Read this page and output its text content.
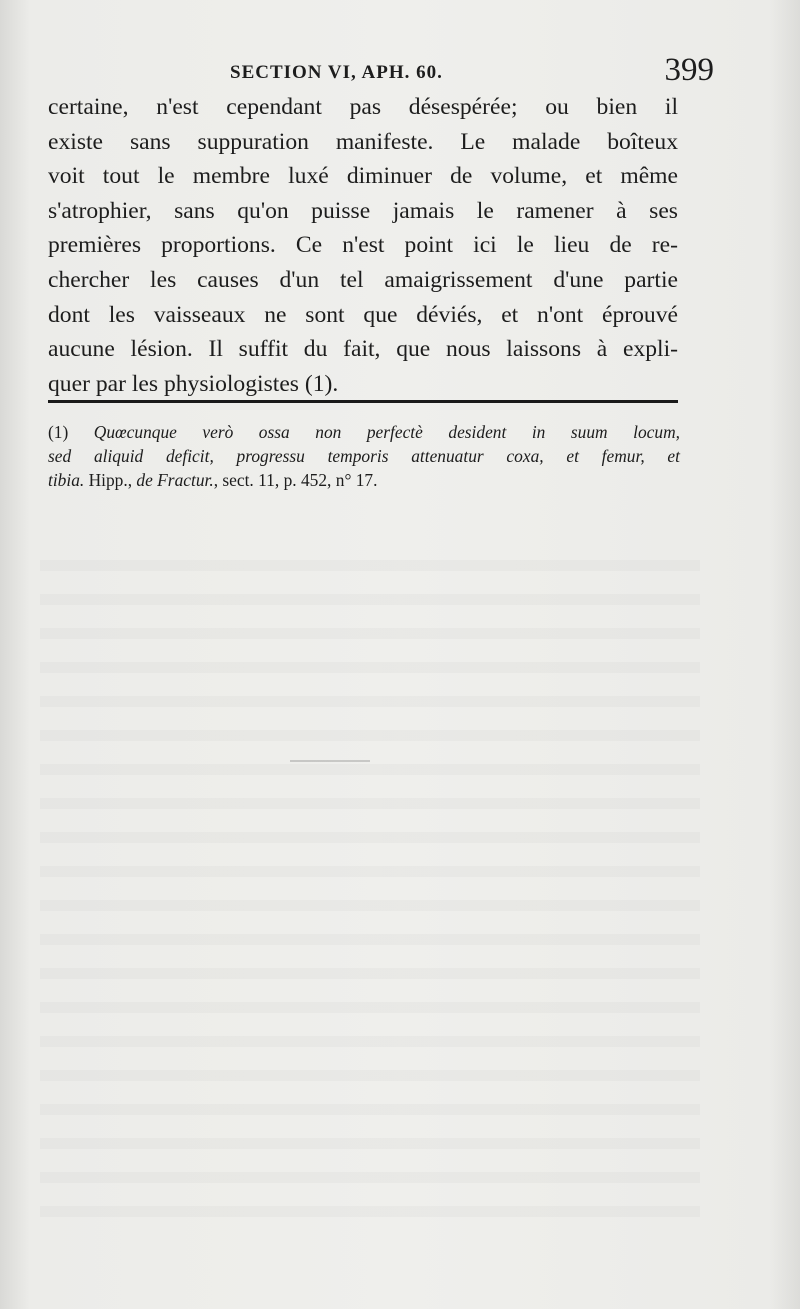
SECTION VI, APH. 60.	399
certaine, n'est cependant pas désespérée; ou bien il
existe sans suppuration manifeste. Le malade boîteux
voit tout le membre luxé diminuer de volume, et même
s'atrophier, sans qu'on puisse jamais le ramener à ses
premières proportions. Ce n'est point ici le lieu de re-
chercher les causes d'un tel amaigrissement d'une partie
dont les vaisseaux ne sont que déviés, et n'ont éprouvé
aucune lésion. Il suffit du fait, que nous laissons à expli-
quer par les physiologistes (1).
(1) Quœcunque verò ossa non perfectè desident in suum locum,
sed aliquid deficit, progressu temporis attenuatur coxa, et femur, et
tibia. Hipp., de Fractur., sect. 11, p. 452, n° 17.
